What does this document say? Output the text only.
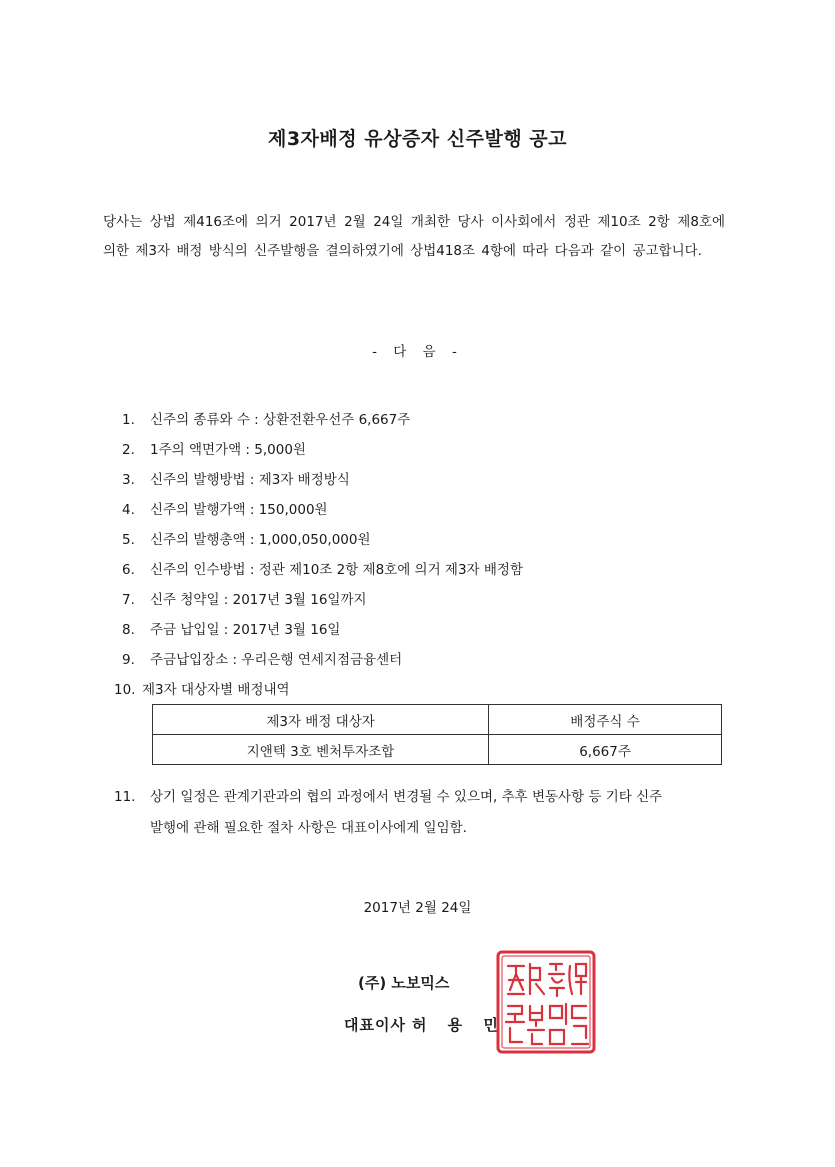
제3자배정 유상증자 신주발행 공고
당사는 상법 제416조에 의거 2017년 2월 24일 개최한 당사 이사회에서 정관 제10조 2항 제8호에 의한 제3자 배정 방식의 신주발행을 결의하였기에 상법418조 4항에 따라 다음과 같이 공고합니다.
- 다 음 -
1. 신주의 종류와 수 : 상환전환우선주 6,667주
2. 1주의 액면가액 : 5,000원
3. 신주의 발행방법 : 제3자 배정방식
4. 신주의 발행가액 : 150,000원
5. 신주의 발행총액 : 1,000,050,000원
6. 신주의 인수방법 : 정관 제10조 2항 제8호에 의거 제3자 배정함
7. 신주 청약일 : 2017년 3월 16일까지
8. 주금 납입일 : 2017년 3월 16일
9. 주금납입장소 : 우리은행 연세지점금융센터
10. 제3자 대상자별 배정내역
제3자 배정 대상자	배정주식 수
지앤텍 3호 벤처투자조합	6,667주
11. 상기 일정은 관계기관과의 협의 과정에서 변경될 수 있으며, 추후 변동사항 등 기타 신주
발행에 관해 필요한 절차 사항은 대표이사에게 일임함.
2017년 2월 24일
(주) 노보믹스
대표이사 허 용 민
